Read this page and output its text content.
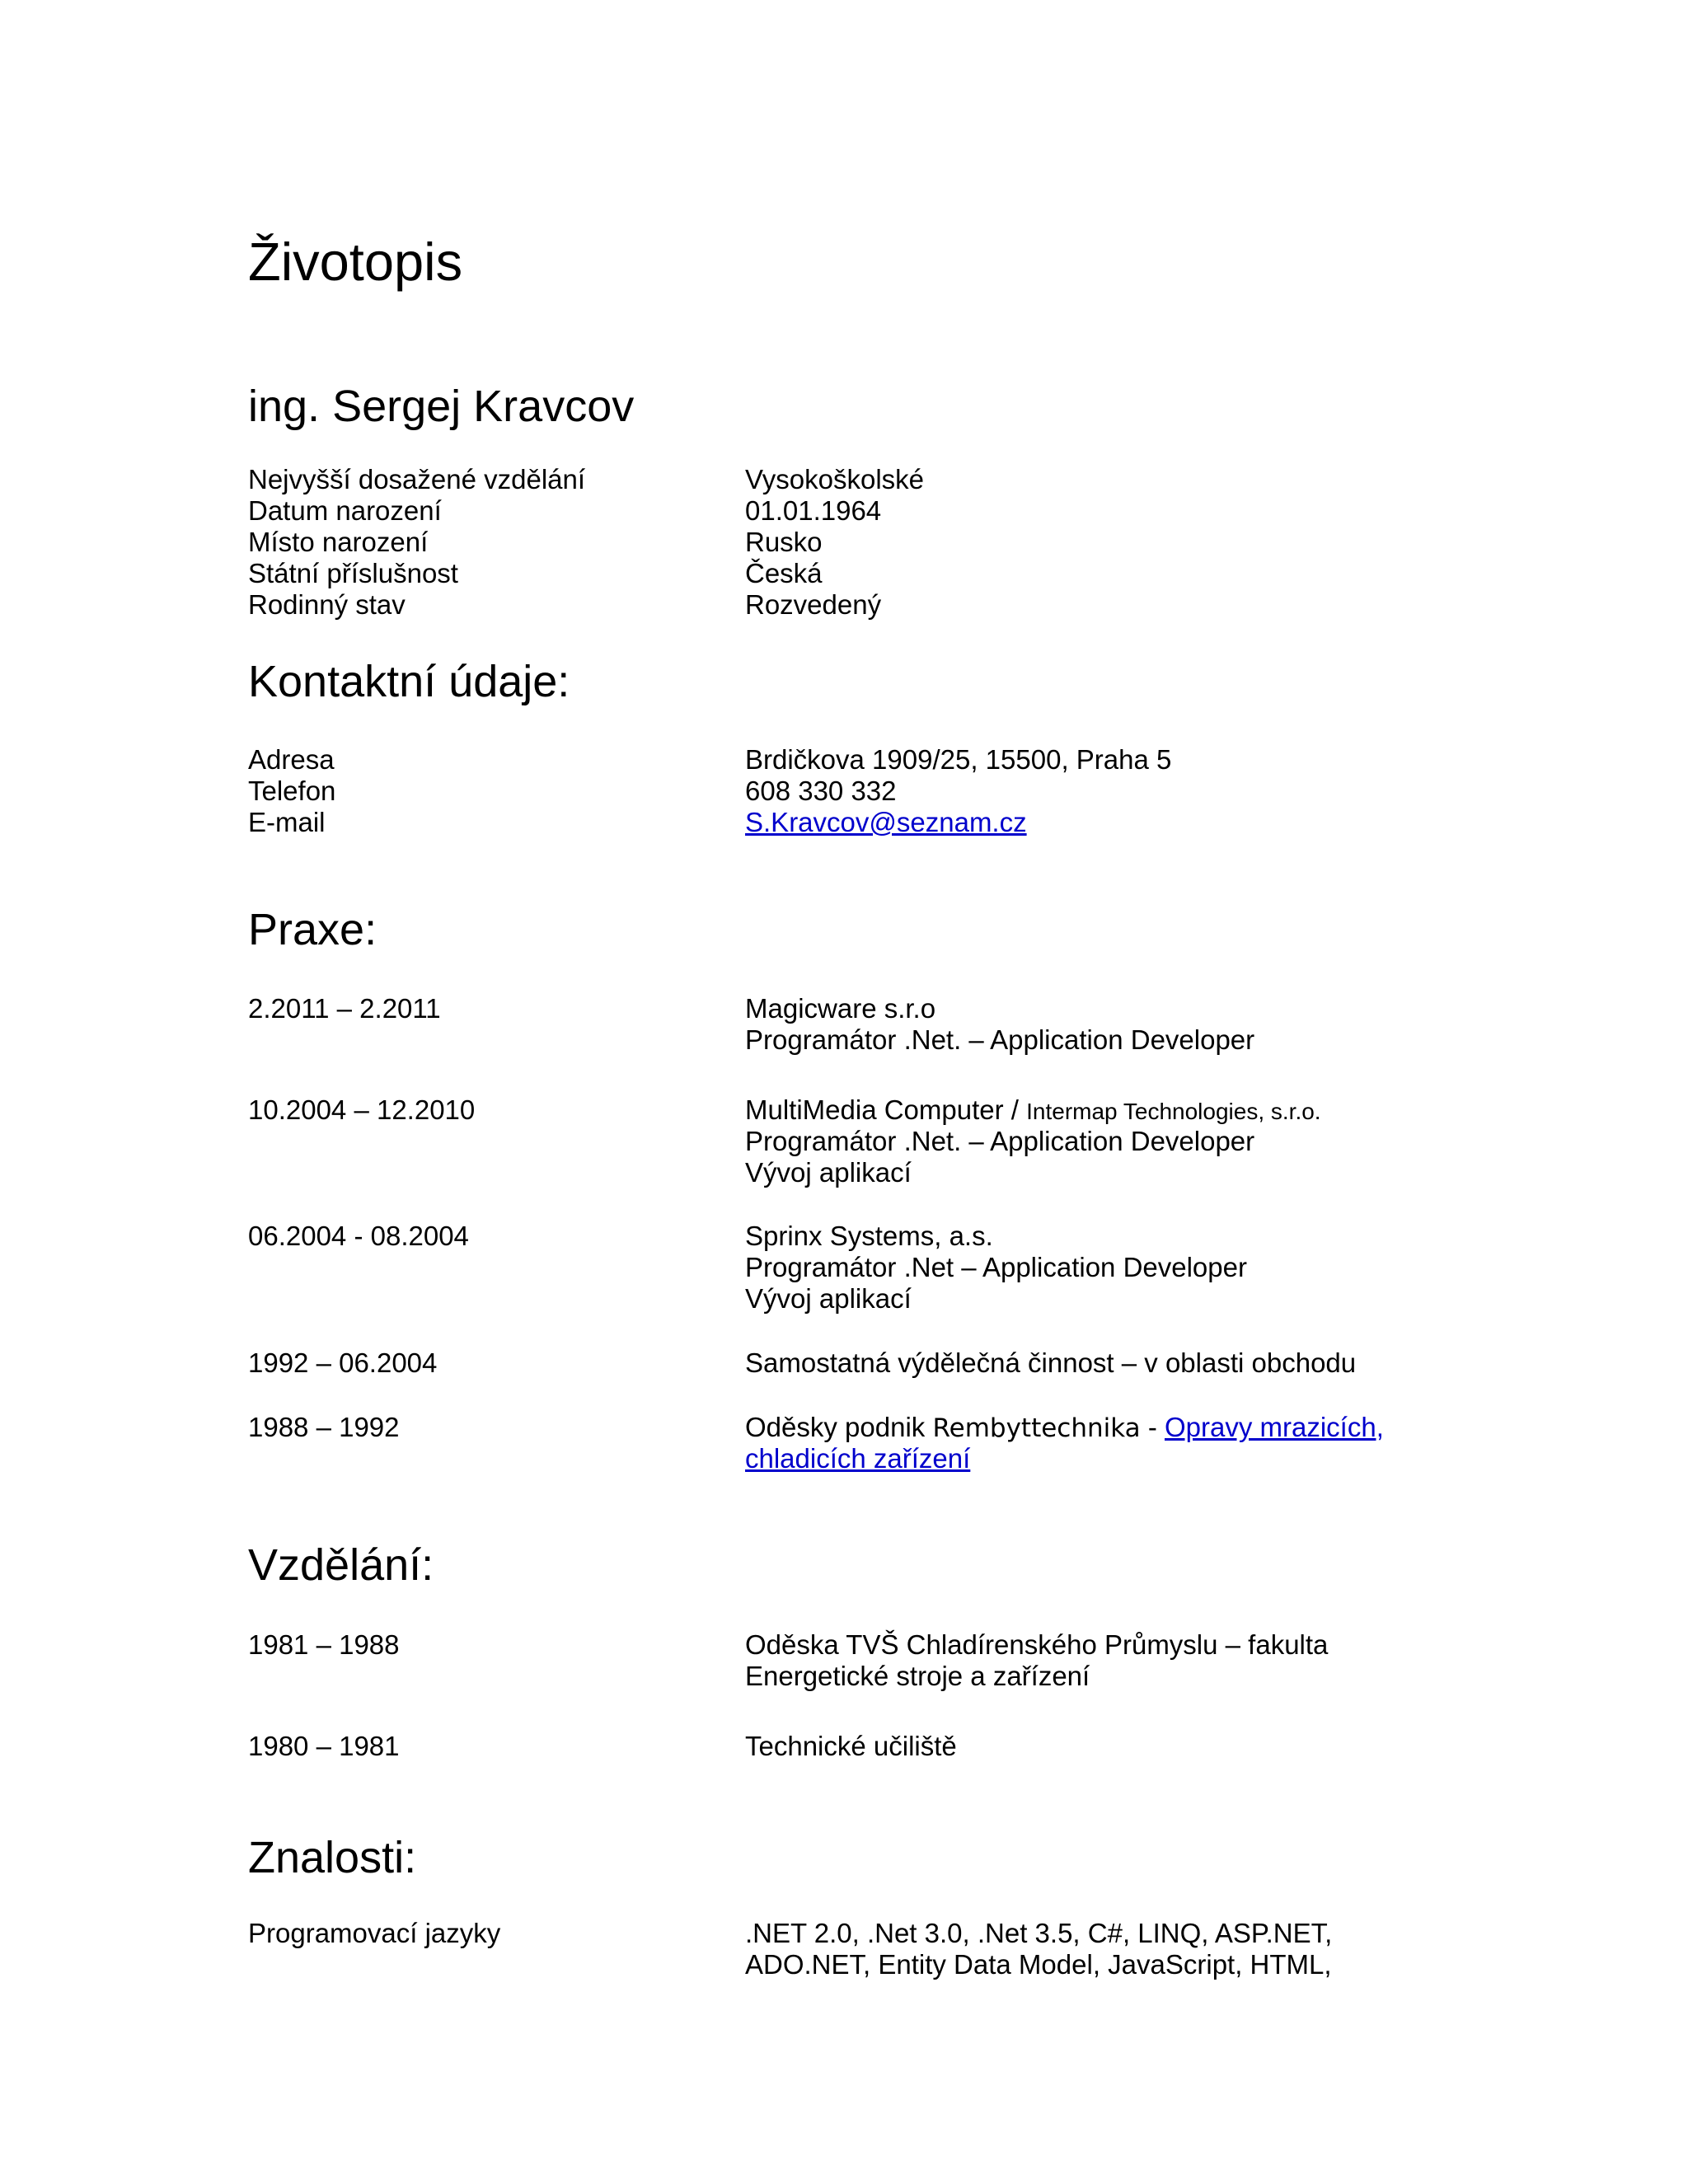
Životopis
ing. Sergej Kravcov
Nejvyšší dosažené vzdělání	Vysokoškolské
Datum narození	01.01.1964
Místo narození	Rusko
Státní příslušnost	Česká
Rodinný stav	Rozvedený
Kontaktní údaje:
Adresa	Brdičkova 1909/25, 15500, Praha 5
Telefon	608 330 332
E-mail	S.Kravcov@seznam.cz
Praxe:
2.2011 – 2.2011	Magicware s.r.o
Programátor .Net. – Application Developer
10.2004 – 12.2010	MultiMedia Computer / Intermap Technologies, s.r.o.
Programátor .Net. – Application Developer
Vývoj aplikací
06.2004 - 08.2004	Sprinx Systems, a.s.
Programátor .Net – Application Developer
Vývoj aplikací
1992 – 06.2004	Samostatná výdělečná činnost – v oblasti obchodu
1988 – 1992	Oděsky podnik Rembyttechnika - Opravy mrazicích,
chladicích zařízení
Vzdělání:
1981 – 1988	Oděska TVŠ Chladírenského Průmyslu – fakulta
Energetické stroje a zařízení
1980 – 1981	Technické učiliště
Znalosti:
Programovací jazyky	.NET 2.0, .Net 3.0, .Net 3.5, C#, LINQ, ASP.NET,
ADO.NET, Entity Data Model, JavaScript, HTML,
